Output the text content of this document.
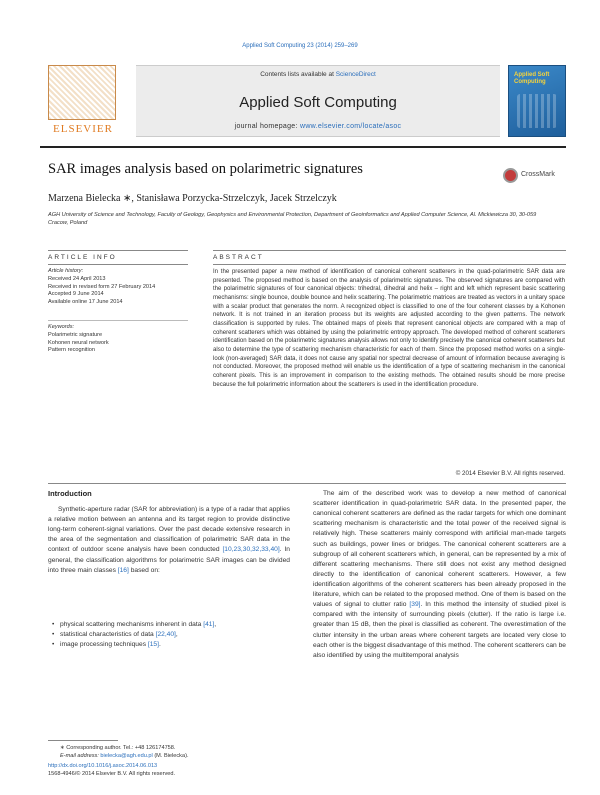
Applied Soft Computing 23 (2014) 259–269
ELSEVIER
Contents lists available at ScienceDirect
Applied Soft Computing
journal homepage: www.elsevier.com/locate/asoc
Applied Soft Computing
SAR images analysis based on polarimetric signatures	CrossMark
Marzena Bielecka ∗, Stanisława Porzycka-Strzelczyk, Jacek Strzelczyk
AGH University of Science and Technology, Faculty of Geology, Geophysics and Environmental Protection, Department of Geoinformatics and Applied Computer Science, Al. Mickiewicza 30, 30-059 Cracow, Poland
ARTICLE INFO	ABSTRACT
Article history:
Received 24 April 2013
Received in revised form 27 February 2014
Accepted 9 June 2014
Available online 17 June 2014
Keywords:
Polarimetric signature
Kohonen neural network
Pattern recognition
In the presented paper a new method of identification of canonical coherent scatterers in the quad-polarimetric SAR data are presented. The proposed method is based on the analysis of polarimetric signatures. The observed signatures are compared with the polarimetric signatures of four canonical objects: trihedral, dihedral and helix – right and left which represent basic scattering mechanisms: single bounce, double bounce and helix scattering. The polarimetric matrices are treated as vectors in a unitary space with a scalar product that generates the norm. A recognized object is classified to one of the four coherent classes by a Kohonen network. It is not trained in an iteration process but its weights are adjusted according to the given patterns. The network classification is supported by rules. The obtained maps of pixels that represent canonical objects are compared with a map of coherent scatterers which was obtained by using the polarimetric entropy approach. The developed method of coherent scatterers identification based on the polarimetric signatures analysis allows not only to identify precisely the canonical coherent scatterers but also to determine the type of scattering mechanism characteristic for each of them. Since the proposed method works on a single-look (non-averaged) SAR data, it does not cause any spatial nor spectral decrease of amount of information because averaging is not conducted. Moreover, the proposed method will enable us the identification of a type of scattering mechanism in the canonical coherent pixels. This is an improvement in comparison to the existing methods. The obtained results should be more precise because the full polarimetric information about the scatterers is used in the identification procedure.
© 2014 Elsevier B.V. All rights reserved.
Introduction

Synthetic-aperture radar (SAR for abbreviation) is a type of a radar that applies a relative motion between an antenna and its target region to provide distinctive long-term coherent-signal variations. Over the past decade extensive research in the area of the segmentation and classification of polarimetric SAR data in the context of outdoor scene analysis have been conducted [10,23,30,32,33,40]. In general, the classification algorithms for polarimetric SAR images can be divided into three main classes [16] based on:

• physical scattering mechanisms inherent in data [41],
• statistical characteristics of data [22,40],
• image processing techniques [15].

The aim of the described work was to develop a new method of canonical scatterer identification in quad-polarimetric SAR data. In the presented paper, the canonical coherent scatterers are defined as the radar targets for which one dominant scattering mechanism is characteristic and the total power of the received signal is relatively high. These scatterers mainly correspond with artificial man-made targets such as buildings, power lines or bridges. The canonical coherent scatterers are a subgroup of all coherent scatterers which, in general, can be represented by a mix of different scattering mechanisms. There still does not exist any method designed directly to the identification of canonical coherent scatterers. However, a few identification algorithms of the coherent scatterers has been already proposed in the literature, which can be related to the proposed method. One of them is based on the values of signal to clutter ratio [39]. In this method the intensity of studied pixel is compared with the intensity of surrounding pixels (clutter). If the ratio is large i.e. greater than 15 dB, then the pixel is classified as coherent. The overestimation of the clutter intensity in the urban areas where coherent targets are located very close to each other is the biggest disadvantage of this method. The coherent scatterers can be also identified by using the multitemporal analysis

∗ Corresponding author. Tel.: +48 126174758.
E-mail address: bielecka@agh.edu.pl (M. Bielecka).
http://dx.doi.org/10.1016/j.asoc.2014.06.013
1568-4946/© 2014 Elsevier B.V. All rights reserved.
